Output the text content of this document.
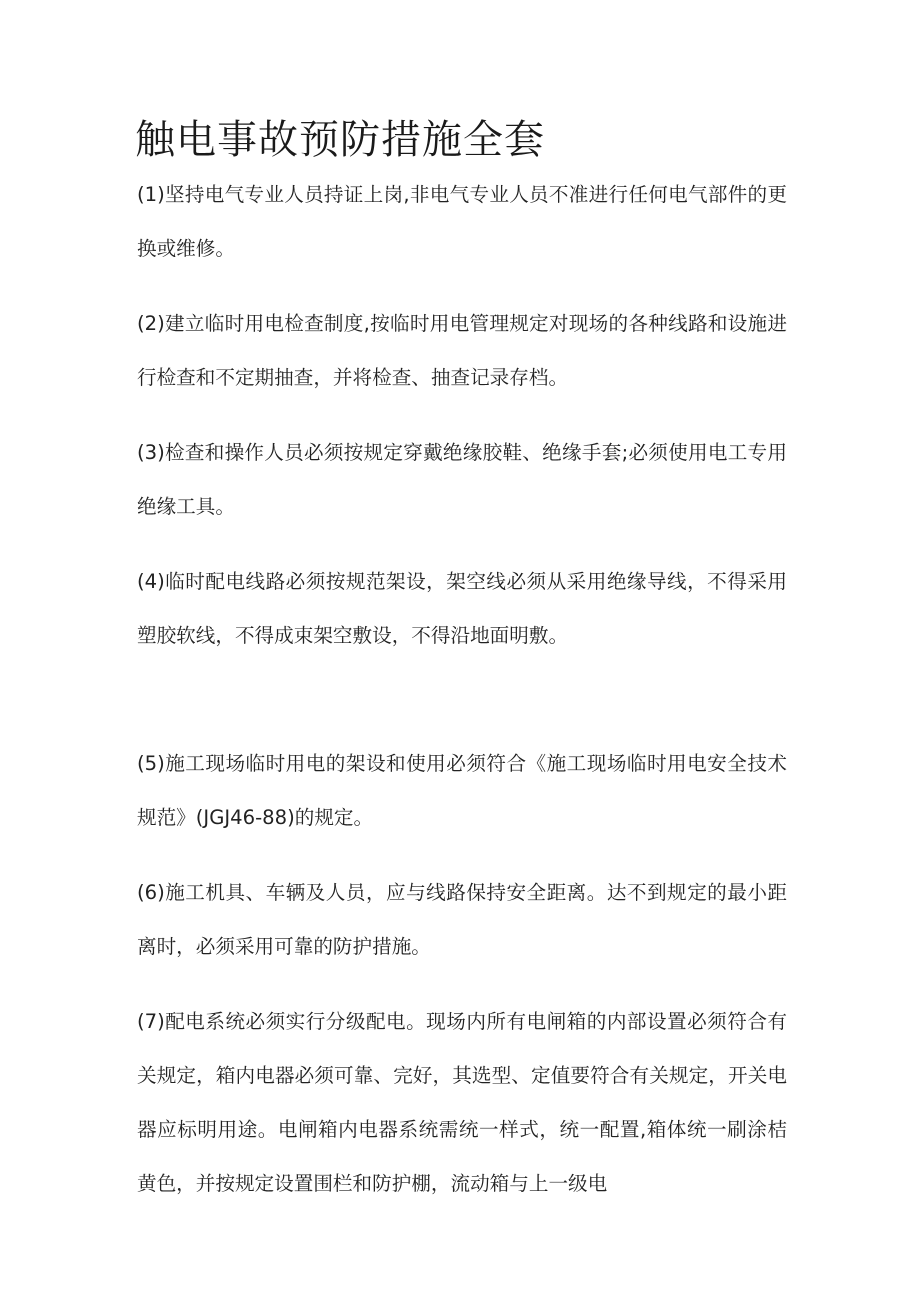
触电事故预防措施全套

(1)坚持电气专业人员持证上岗,非电气专业人员不准进行任何电气部件的更换或维修。

(2)建立临时用电检查制度,按临时用电管理规定对现场的各种线路和设施进行检查和不定期抽查，并将检查、抽查记录存档。

(3)检查和操作人员必须按规定穿戴绝缘胶鞋、绝缘手套;必须使用电工专用绝缘工具。

(4)临时配电线路必须按规范架设，架空线必须从采用绝缘导线，不得采用塑胶软线，不得成束架空敷设，不得沿地面明敷。

(5)施工现场临时用电的架设和使用必须符合《施工现场临时用电安全技术规范》(JGJ46-88)的规定。

(6)施工机具、车辆及人员，应与线路保持安全距离。达不到规定的最小距离时，必须采用可靠的防护措施。

(7)配电系统必须实行分级配电。现场内所有电闸箱的内部设置必须符合有关规定，箱内电器必须可靠、完好，其选型、定值要符合有关规定，开关电器应标明用途。电闸箱内电器系统需统一样式，统一配置,箱体统一刷涂桔黄色，并按规定设置围栏和防护棚，流动箱与上一级电
